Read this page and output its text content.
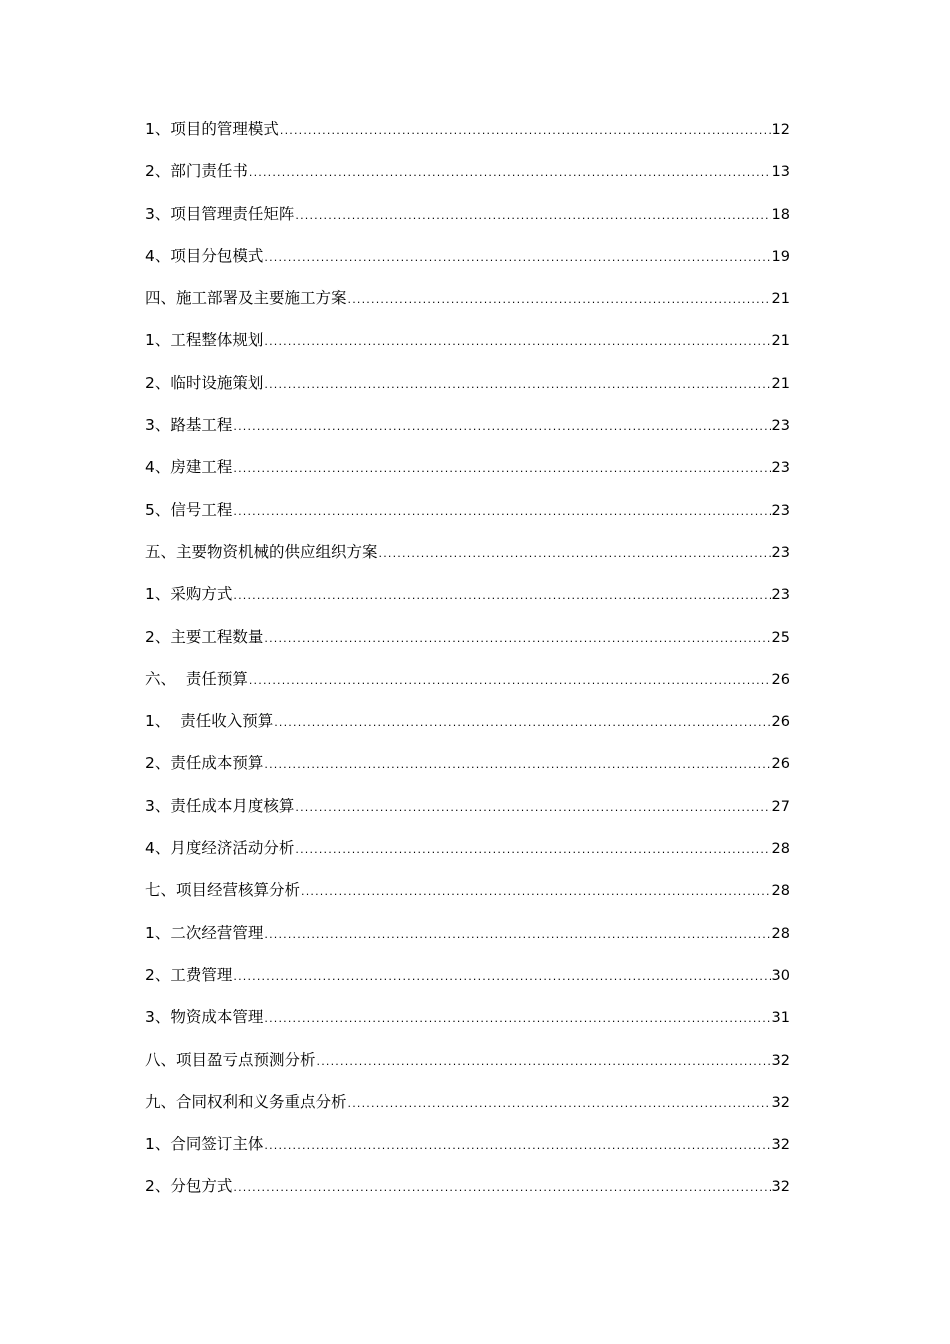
1、项目的管理模式 .....	12
2、部门责任书 .....	13
3、项目管理责任矩阵 .....	18
4、项目分包模式 .....	19
四、施工部署及主要施工方案 .....	21
1、工程整体规划 .....	21
2、临时设施策划 .....	21
3、路基工程 .....	23
4、房建工程 .....	23
5、信号工程 .....	23
五、主要物资机械的供应组织方案 .....	23
1、采购方式 .....	23
2、主要工程数量 .....	25
六、  责任预算 .....	26
1、  责任收入预算 .....	26
2、责任成本预算 .....	26
3、责任成本月度核算 .....	27
4、月度经济活动分析 .....	28
七、项目经营核算分析 .....	28
1、二次经营管理 .....	28
2、工费管理 .....	30
3、物资成本管理 .....	31
八、项目盈亏点预测分析 .....	32
九、合同权利和义务重点分析 .....	32
1、合同签订主体 .....	32
2、分包方式 .....	32
